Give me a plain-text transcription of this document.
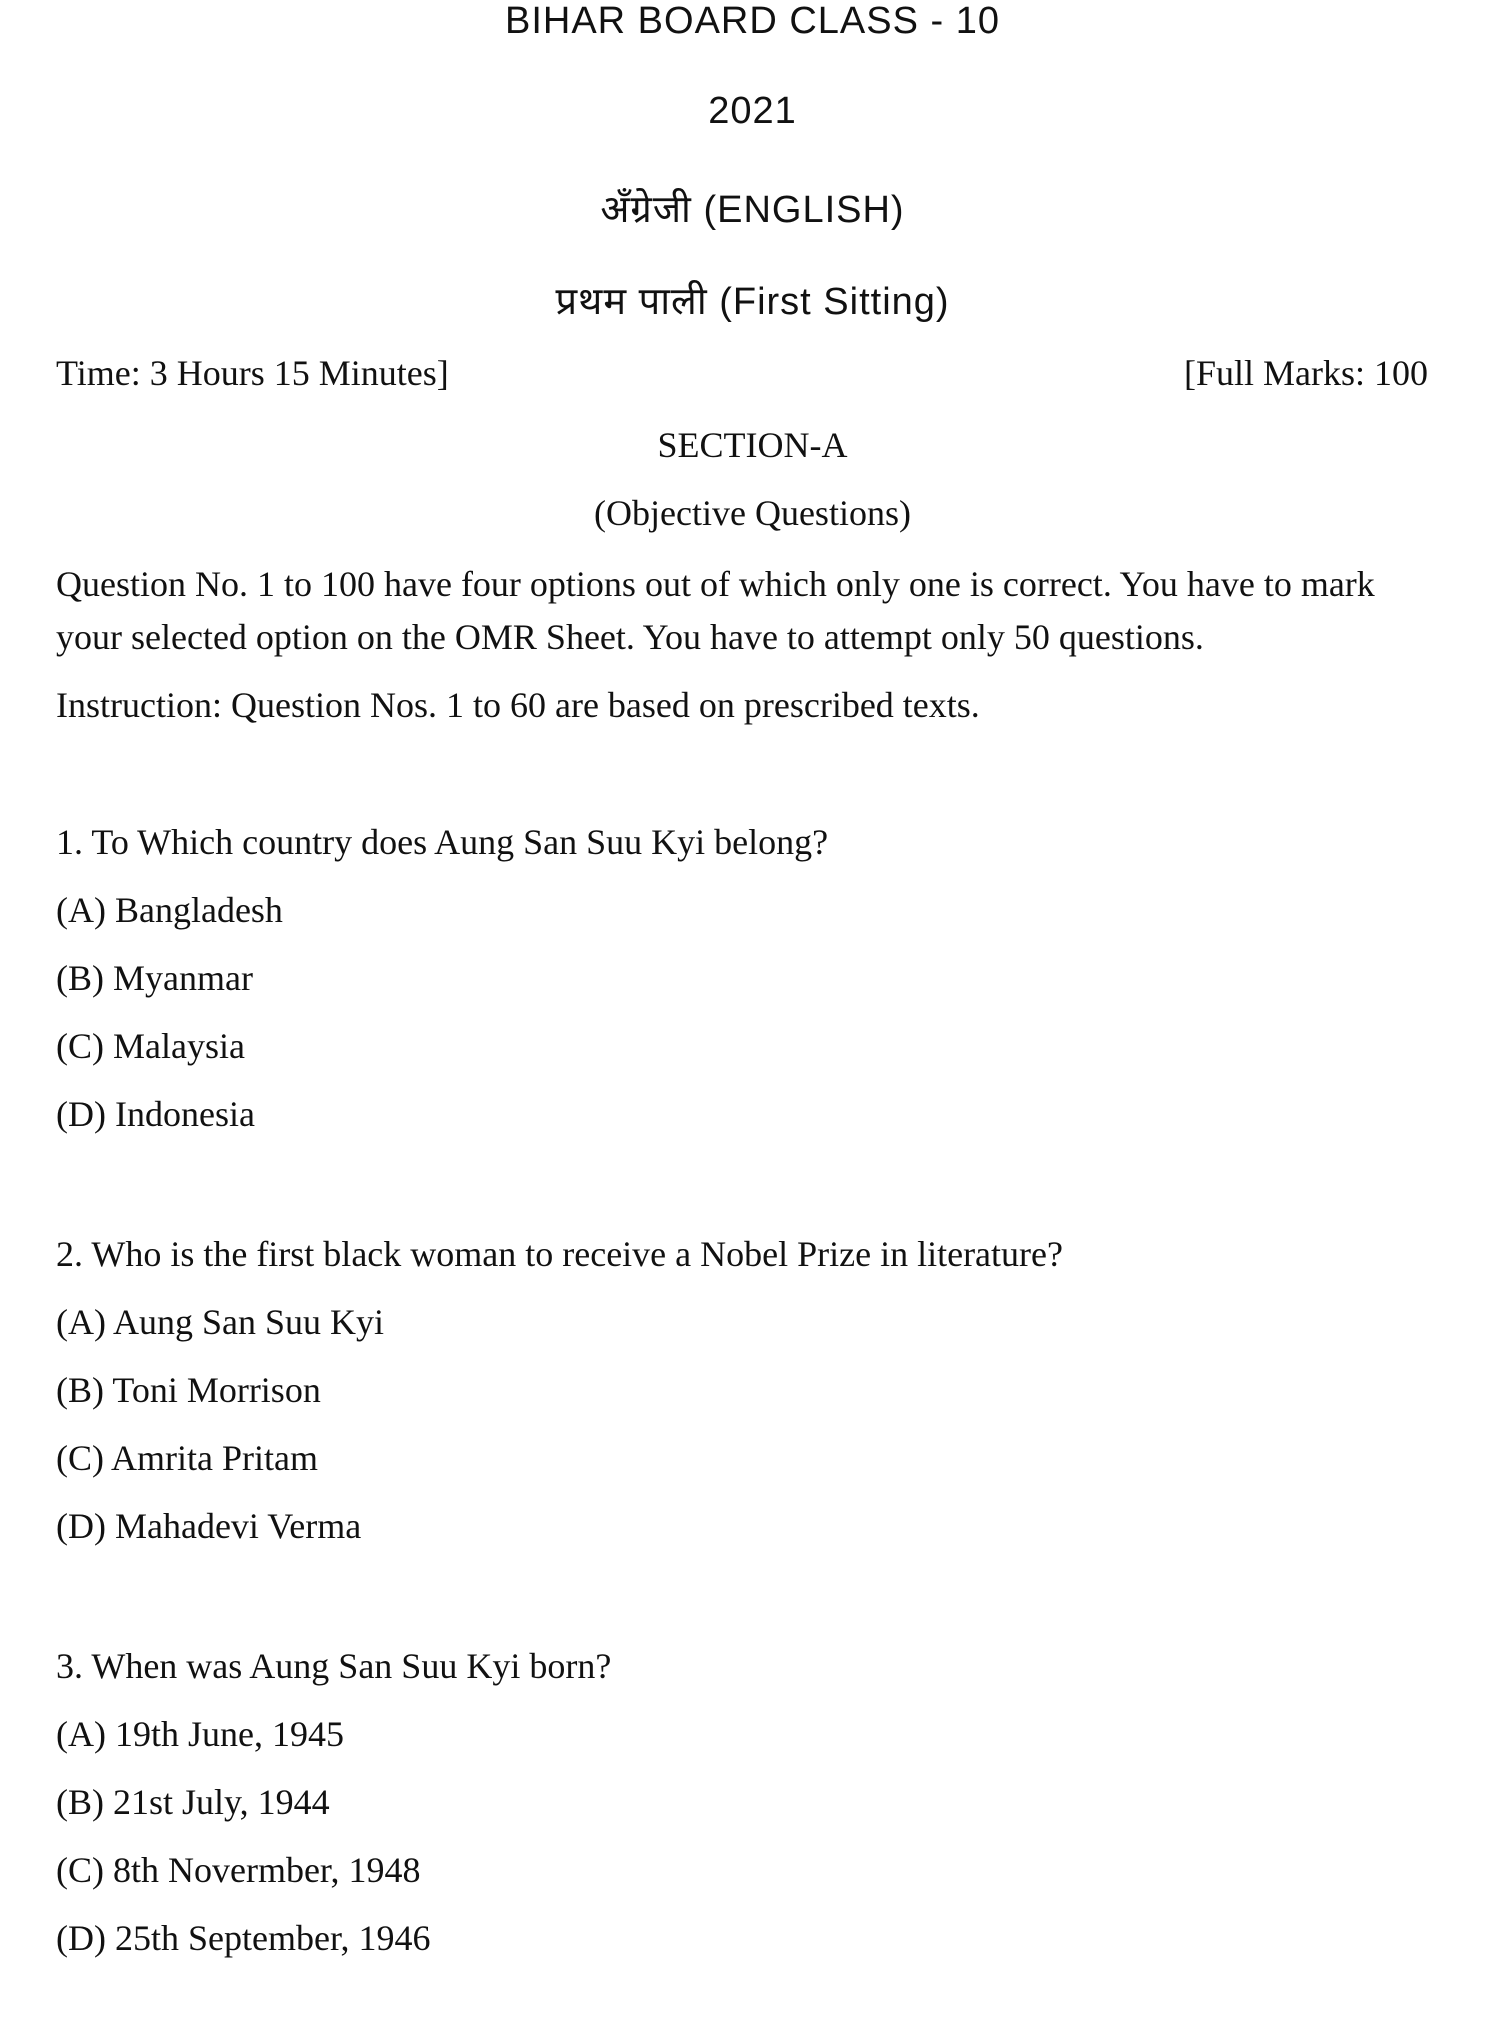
BIHAR BOARD CLASS - 10
2021
अँग्रेजी (ENGLISH)
प्रथम पाली (First Sitting)
Time: 3 Hours 15 Minutes]	[Full Marks: 100
SECTION-A
(Objective Questions)
Question No. 1 to 100 have four options out of which only one is correct. You have to mark your selected option on the OMR Sheet. You have to attempt only 50 questions.
Instruction: Question Nos. 1 to 60 are based on prescribed texts.
1. To Which country does Aung San Suu Kyi belong?
(A) Bangladesh
(B) Myanmar
(C) Malaysia
(D) Indonesia
2. Who is the first black woman to receive a Nobel Prize in literature?
(A) Aung San Suu Kyi
(B) Toni Morrison
(C) Amrita Pritam
(D) Mahadevi Verma
3. When was Aung San Suu Kyi born?
(A) 19th June, 1945
(B) 21st July, 1944
(C) 8th Novermber, 1948
(D) 25th September, 1946
